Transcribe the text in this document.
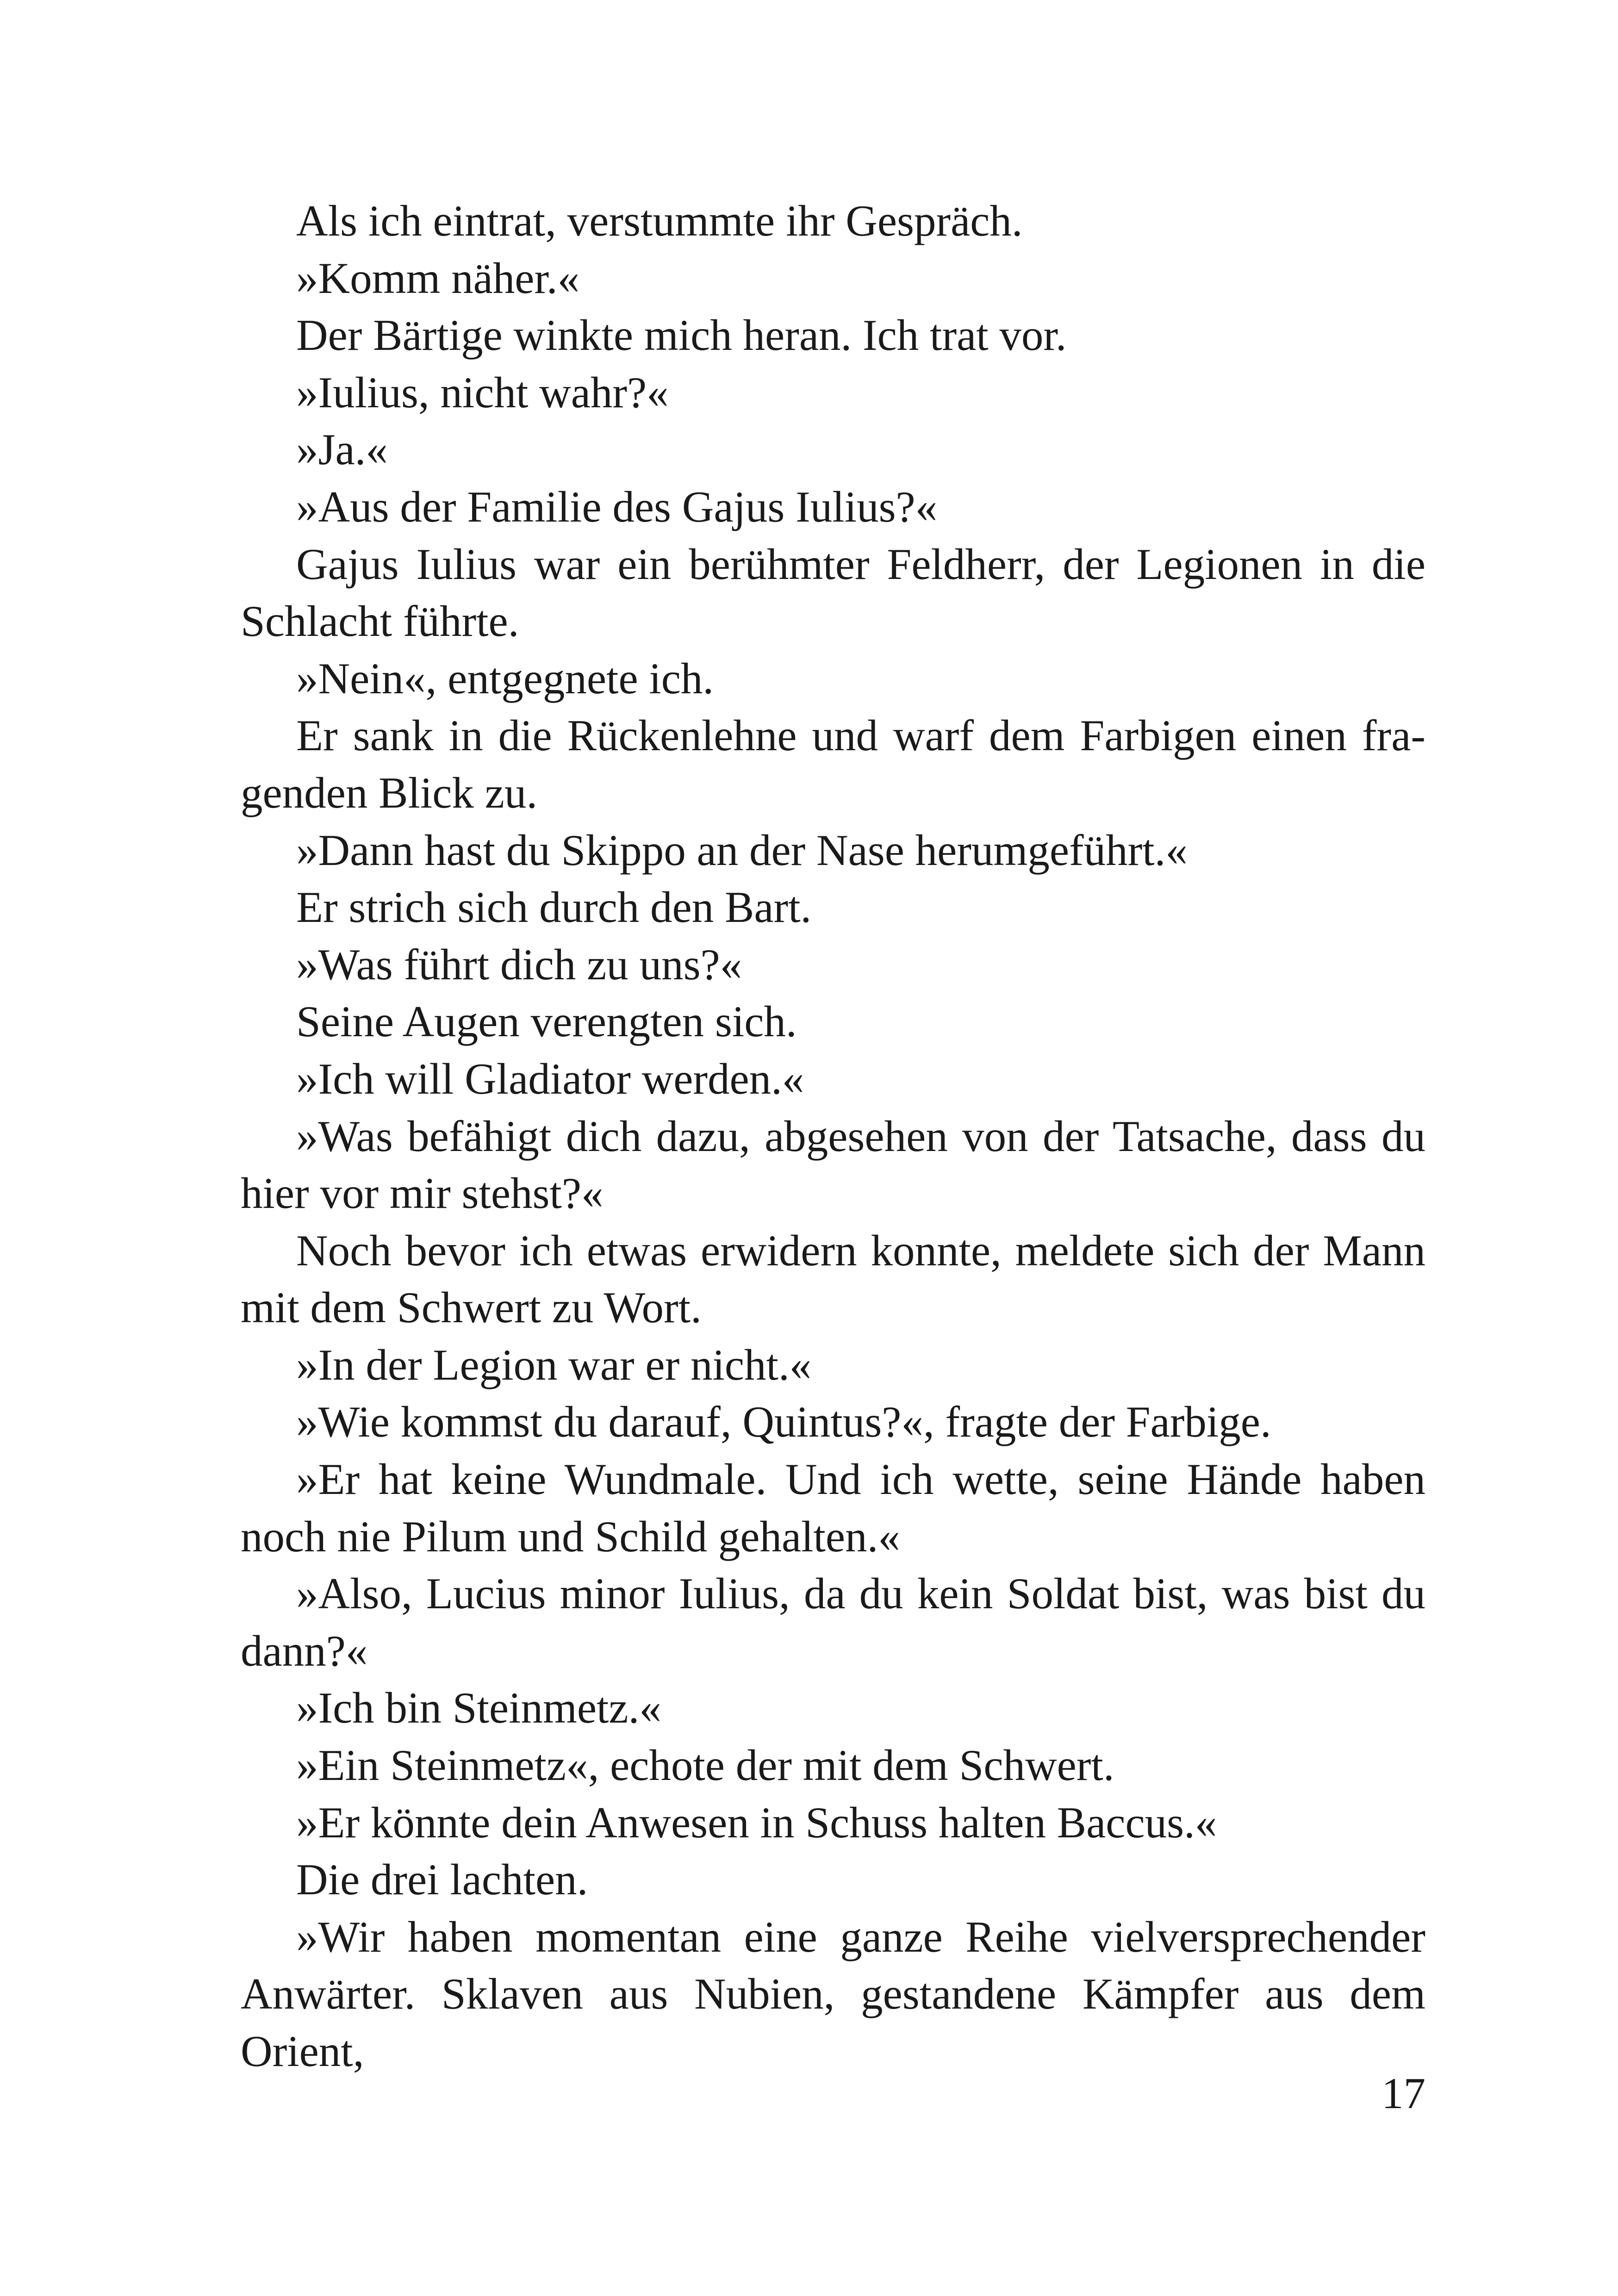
Als ich eintrat, verstummte ihr Gespräch.

»Komm näher.«

Der Bärtige winkte mich heran. Ich trat vor.

»Iulius, nicht wahr?«

»Ja.«

»Aus der Familie des Gajus Iulius?«

Gajus Iulius war ein berühmter Feldherr, der Legionen in die Schlacht führte.

»Nein«, entgegnete ich.

Er sank in die Rückenlehne und warf dem Farbigen einen fragenden Blick zu.

»Dann hast du Skippo an der Nase herumgeführt.«

Er strich sich durch den Bart.

»Was führt dich zu uns?«

Seine Augen verengten sich.

»Ich will Gladiator werden.«

»Was befähigt dich dazu, abgesehen von der Tatsache, dass du hier vor mir stehst?«

Noch bevor ich etwas erwidern konnte, meldete sich der Mann mit dem Schwert zu Wort.

»In der Legion war er nicht.«

»Wie kommst du darauf, Quintus?«, fragte der Farbige.

»Er hat keine Wundmale. Und ich wette, seine Hände haben noch nie Pilum und Schild gehalten.«

»Also, Lucius minor Iulius, da du kein Soldat bist, was bist du dann?«

»Ich bin Steinmetz.«

»Ein Steinmetz«, echote der mit dem Schwert.

»Er könnte dein Anwesen in Schuss halten Baccus.«

Die drei lachten.

»Wir haben momentan eine ganze Reihe vielversprechender Anwärter. Sklaven aus Nubien, gestandene Kämpfer aus dem Orient,

17
